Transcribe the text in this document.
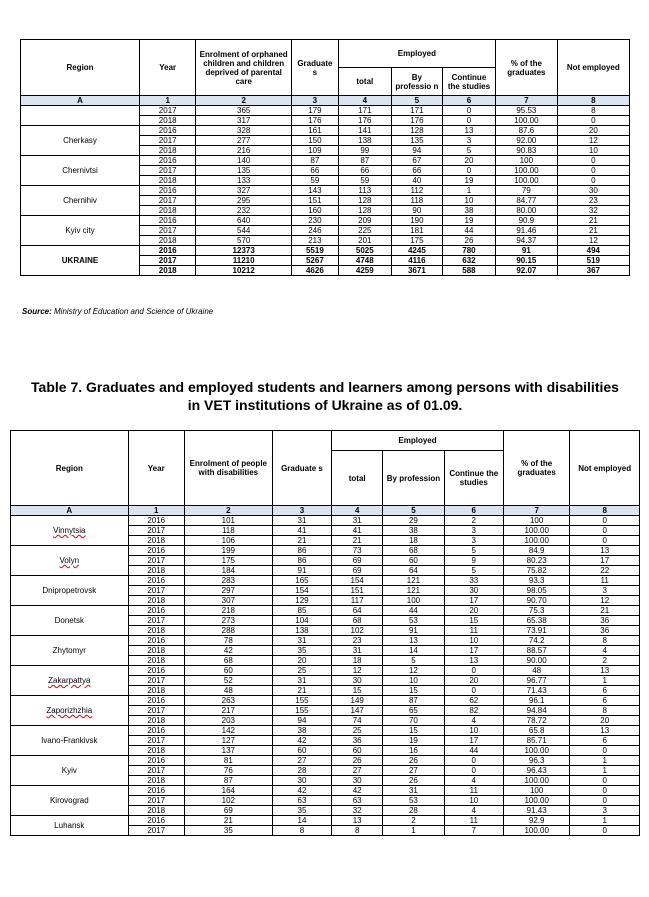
Region	Year	Enrolment of orphaned children and children deprived of parental care	Graduate s	Employed			% of the graduates	Not employed
				total	By professio n	Continue the studies		
A	1	2	3	4	5	6	7	8
	2017	365	179	171	171	0	95.53	8
	2018	317	176	176	176	0	100.00	0
Cherkasy	2016	328	161	141	128	13	87.6	20
	2017	277	150	138	135	3	92.00	12
	2018	216	109	99	94	5	90.83	10
Chernivtsi	2016	140	87	87	67	20	100	0
	2017	135	66	66	66	0	100.00	0
	2018	133	59	59	40	19	100.00	0
Chernihiv	2016	327	143	113	112	1	79	30
	2017	295	151	128	118	10	84.77	23
	2018	232	160	128	90	38	80.00	32
Kyiv city	2016	640	230	209	190	19	90.9	21
	2017	544	246	225	181	44	91.46	21
	2018	570	213	201	175	26	94.37	12
UKRAINE	2016	12373	5519	5025	4245	780	91	494
	2017	11210	5267	4748	4116	632	90.15	519
	2018	10212	4626	4259	3671	588	92.07	367
Source: Ministry of Education and Science of Ukraine
Table 7. Graduates and employed students and learners among persons with disabilities in VET institutions of Ukraine as of 01.09.
Region	Year	Enrolment of people with disabilities	Graduate s	Employed			% of the graduates	Not employed
				total	By profession	Continue the studies		
A	1	2	3	4	5	6	7	8
Vinnytsia	2016	101	31	31	29	2	100	0
	2017	118	41	41	38	3	100.00	0
	2018	106	21	21	18	3	100.00	0
Volyn	2016	199	86	73	68	5	84.9	13
	2017	175	86	69	60	9	80.23	17
	2018	184	91	69	64	5	75.82	22
Dnipropetrovsk	2016	283	165	154	121	33	93.3	11
	2017	297	154	151	121	30	98.05	3
	2018	307	129	117	100	17	90.70	12
Donetsk	2016	218	85	64	44	20	75.3	21
	2017	273	104	68	53	15	65.38	36
	2018	288	138	102	91	11	73.91	36
Zhytomyr	2016	78	31	23	13	10	74.2	8
	2018	42	35	31	14	17	88.57	4
	2018	68	20	18	5	13	90.00	2
Zakarpattya	2016	60	25	12	12	0	48	13
	2017	52	31	30	10	20	96.77	1
	2018	48	21	15	15	0	71.43	6
Zaporizhzhia	2016	263	155	149	87	62	96.1	6
	2017	217	155	147	65	82	94.84	8
	2018	203	94	74	70	4	78.72	20
Ivano-Frankivsk	2016	142	38	25	15	10	65.8	13
	2017	127	42	36	19	17	85.71	6
	2018	137	60	60	16	44	100.00	0
Kyiv	2016	81	27	26	26	0	96.3	1
	2017	76	28	27	27	0	96.43	1
	2018	87	30	30	26	4	100.00	0
Kirovograd	2016	164	42	42	31	11	100	0
	2017	102	63	63	53	10	100.00	0
	2018	69	35	32	28	4	91.43	3
Luhansk	2016	21	14	13	2	11	92.9	1
	2017	35	8	8	1	7	100.00	0
